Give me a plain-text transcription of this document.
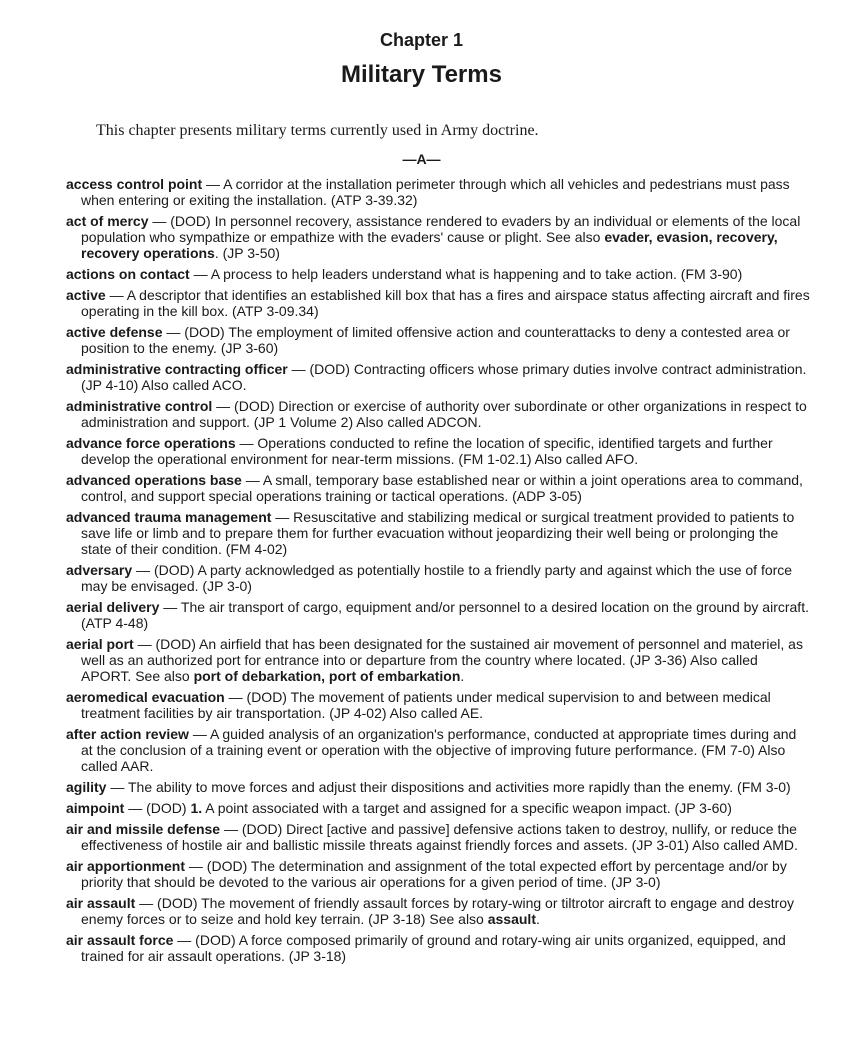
Chapter 1
Military Terms

This chapter presents military terms currently used in Army doctrine.

—A—

access control point — A corridor at the installation perimeter through which all vehicles and pedestrians must pass when entering or exiting the installation. (ATP 3-39.32)

act of mercy — (DOD) In personnel recovery, assistance rendered to evaders by an individual or elements of the local population who sympathize or empathize with the evaders' cause or plight. See also evader, evasion, recovery, recovery operations. (JP 3-50)

actions on contact — A process to help leaders understand what is happening and to take action. (FM 3-90)

active — A descriptor that identifies an established kill box that has a fires and airspace status affecting aircraft and fires operating in the kill box. (ATP 3-09.34)

active defense — (DOD) The employment of limited offensive action and counterattacks to deny a contested area or position to the enemy. (JP 3-60)

administrative contracting officer — (DOD) Contracting officers whose primary duties involve contract administration. (JP 4-10) Also called ACO.

administrative control — (DOD) Direction or exercise of authority over subordinate or other organizations in respect to administration and support. (JP 1 Volume 2) Also called ADCON.

advance force operations — Operations conducted to refine the location of specific, identified targets and further develop the operational environment for near-term missions. (FM 1-02.1) Also called AFO.

advanced operations base — A small, temporary base established near or within a joint operations area to command, control, and support special operations training or tactical operations. (ADP 3-05)

advanced trauma management — Resuscitative and stabilizing medical or surgical treatment provided to patients to save life or limb and to prepare them for further evacuation without jeopardizing their well being or prolonging the state of their condition. (FM 4-02)

adversary — (DOD) A party acknowledged as potentially hostile to a friendly party and against which the use of force may be envisaged. (JP 3-0)

aerial delivery — The air transport of cargo, equipment and/or personnel to a desired location on the ground by aircraft. (ATP 4-48)

aerial port — (DOD) An airfield that has been designated for the sustained air movement of personnel and materiel, as well as an authorized port for entrance into or departure from the country where located. (JP 3-36) Also called APORT. See also port of debarkation, port of embarkation.

aeromedical evacuation — (DOD) The movement of patients under medical supervision to and between medical treatment facilities by air transportation. (JP 4-02) Also called AE.

after action review — A guided analysis of an organization's performance, conducted at appropriate times during and at the conclusion of a training event or operation with the objective of improving future performance. (FM 7-0) Also called AAR.

agility — The ability to move forces and adjust their dispositions and activities more rapidly than the enemy. (FM 3-0)

aimpoint — (DOD) 1. A point associated with a target and assigned for a specific weapon impact. (JP 3-60)

air and missile defense — (DOD) Direct [active and passive] defensive actions taken to destroy, nullify, or reduce the effectiveness of hostile air and ballistic missile threats against friendly forces and assets. (JP 3-01) Also called AMD.

air apportionment — (DOD) The determination and assignment of the total expected effort by percentage and/or by priority that should be devoted to the various air operations for a given period of time. (JP 3-0)

air assault — (DOD) The movement of friendly assault forces by rotary-wing or tiltrotor aircraft to engage and destroy enemy forces or to seize and hold key terrain. (JP 3-18) See also assault.

air assault force — (DOD) A force composed primarily of ground and rotary-wing air units organized, equipped, and trained for air assault operations. (JP 3-18)
